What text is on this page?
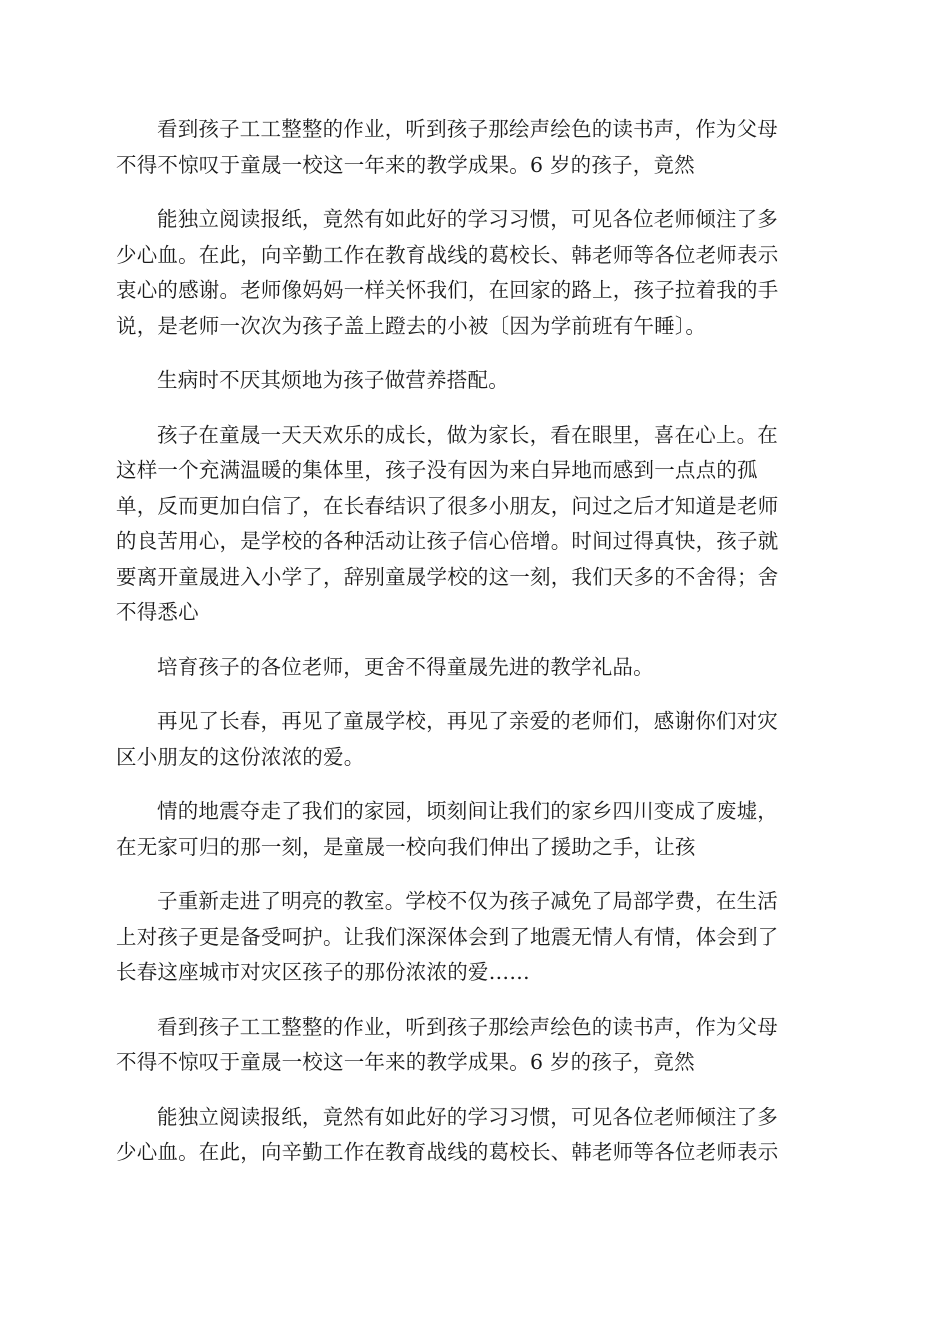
看到孩子工工整整的作业，听到孩子那绘声绘色的读书声，作为父母
不得不惊叹于童晟一校这一年来的教学成果。6 岁的孩子，竟然

能独立阅读报纸，竟然有如此好的学习习惯，可见各位老师倾注了多
少心血。在此，向辛勤工作在教育战线的葛校长、韩老师等各位老师表示
衷心的感谢。老师像妈妈一样关怀我们，在回家的路上，孩子拉着我的手
说，是老师一次次为孩子盖上蹬去的小被〔因为学前班有午睡〕。

生病时不厌其烦地为孩子做营养搭配。

孩子在童晟一天天欢乐的成长，做为家长，看在眼里，喜在心上。在
这样一个充满温暖的集体里，孩子没有因为来白异地而感到一点点的孤
单，反而更加白信了，在长春结识了很多小朋友，问过之后才知道是老师
的良苦用心，是学校的各种活动让孩子信心倍增。时间过得真快，孩子就
要离开童晟进入小学了，辞别童晟学校的这一刻，我们天多的不舍得；舍
不得悉心

培育孩子的各位老师，更舍不得童晟先进的教学礼品。

再见了长春，再见了童晟学校，再见了亲爱的老师们，感谢你们对灾
区小朋友的这份浓浓的爱。

情的地震夺走了我们的家园，顷刻间让我们的家乡四川变成了废墟，
在无家可归的那一刻，是童晟一校向我们伸出了援助之手，让孩

子重新走进了明亮的教室。学校不仅为孩子减免了局部学费，在生活
上对孩子更是备受呵护。让我们深深体会到了地震无情人有情，体会到了
长春这座城市对灾区孩子的那份浓浓的爱……

看到孩子工工整整的作业，听到孩子那绘声绘色的读书声，作为父母
不得不惊叹于童晟一校这一年来的教学成果。6 岁的孩子，竟然

能独立阅读报纸，竟然有如此好的学习习惯，可见各位老师倾注了多
少心血。在此，向辛勤工作在教育战线的葛校长、韩老师等各位老师表示
